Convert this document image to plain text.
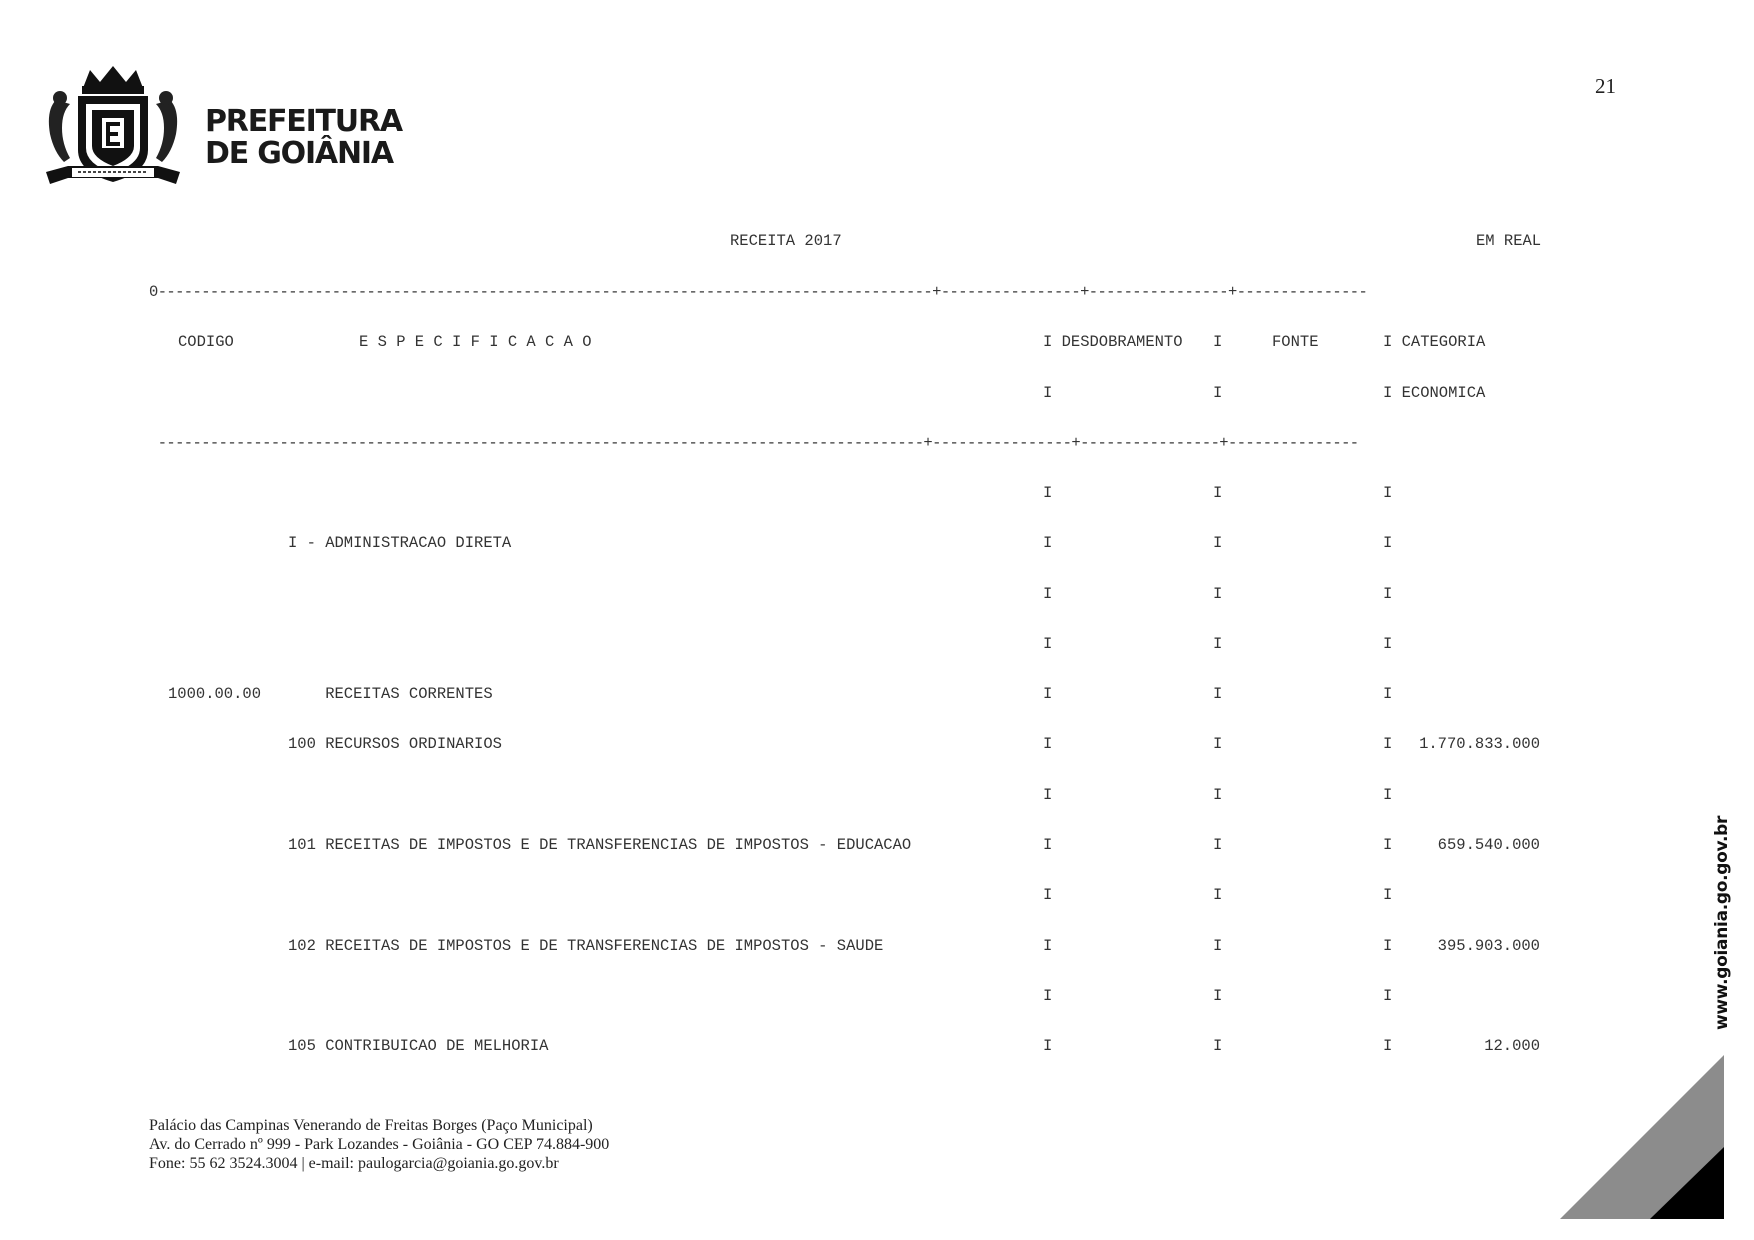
PREFEITURA
DE GOIÂNIA
21
RECEITA 2017	EM REAL
0-----------------------------------------------------------------------------------------+----------------+----------------+---------------
CODIGO	E S P E C I F I C A C A O	I DESDOBRAMENTO I	FONTE	I CATEGORIA
I	I	I ECONOMICA
----------------------------------------------------------------------------------------+----------------+----------------+---------------
I	I	I
I - ADMINISTRACAO DIRETA	I	I	I
I	I	I
I	I	I
1000.00.00 RECEITAS CORRENTES	I	I	I
100 RECURSOS ORDINARIOS	I	I	I	1.770.833.000
I	I	I
101 RECEITAS DE IMPOSTOS E DE TRANSFERENCIAS DE IMPOSTOS - EDUCACAO	I	I	I	659.540.000
I	I	I
102 RECEITAS DE IMPOSTOS E DE TRANSFERENCIAS DE IMPOSTOS - SAUDE	I	I	I	395.903.000
I	I	I
105 CONTRIBUICAO DE MELHORIA	I	I	I	12.000
Palácio das Campinas Venerando de Freitas Borges (Paço Municipal)
Av. do Cerrado nº 999 - Park Lozandes - Goiânia - GO CEP 74.884-900
Fone: 55 62 3524.3004 | e-mail: paulogarcia@goiania.go.gov.br
www.goiania.go.gov.br
